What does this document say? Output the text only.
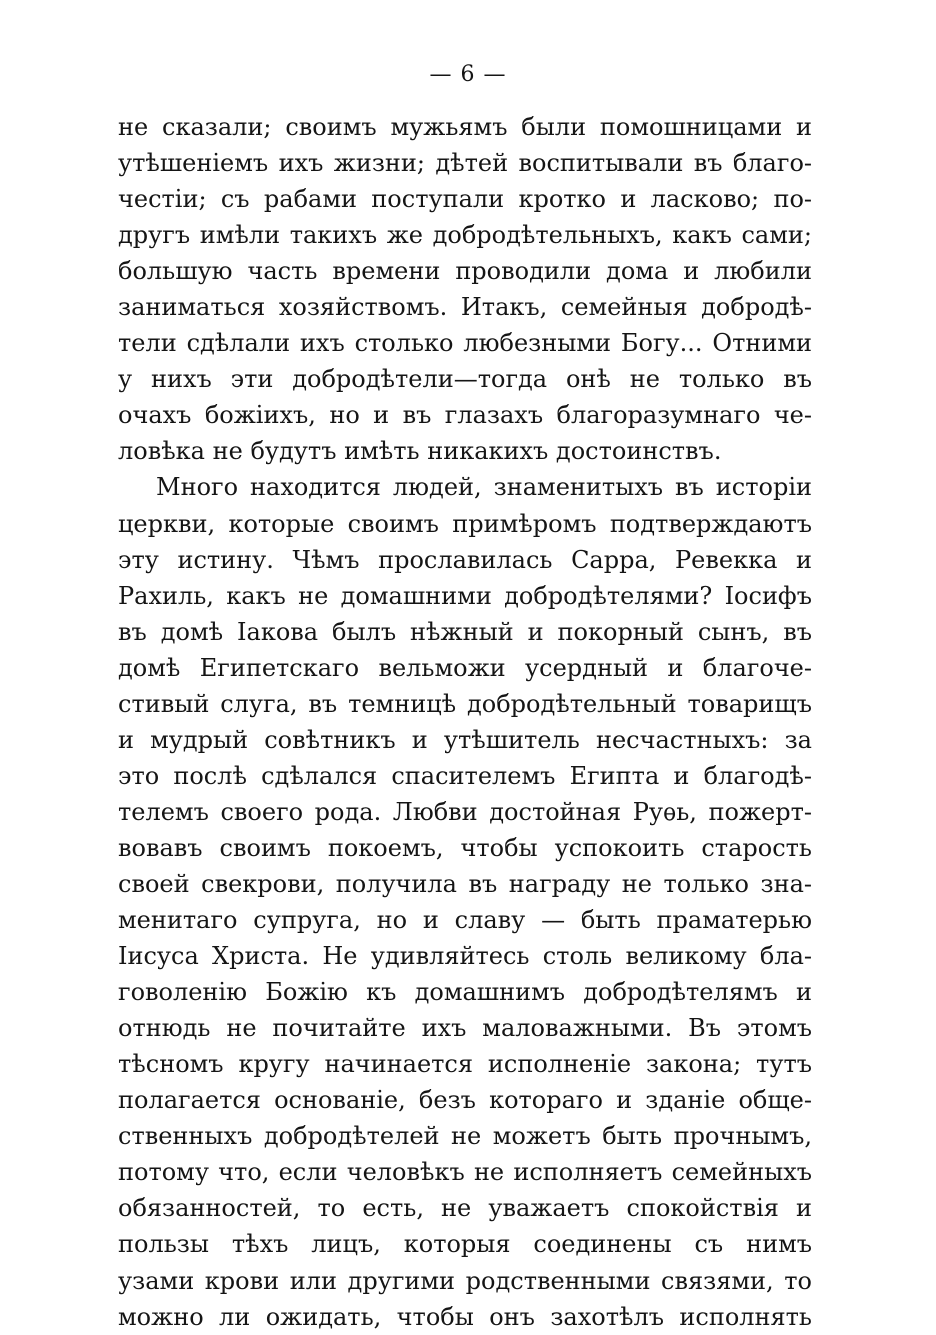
— 6 —
не сказали; своимъ мужьямъ были помошницами и
утѣшеніемъ ихъ жизни; дѣтей воспитывали въ благо-
честіи; съ рабами поступали кротко и ласково; по-
другъ имѣли такихъ же добродѣтельныхъ, какъ сами;
большую часть времени проводили дома и любили
заниматься хозяйствомъ. Итакъ, семейныя добродѣ-
тели сдѣлали ихъ столько любезными Богу... Отними
у нихъ эти добродѣтели—тогда онѣ не только въ
очахъ божіихъ, но и въ глазахъ благоразумнаго че-
ловѣка не будутъ имѣть никакихъ достоинствъ.
Много находится людей, знаменитыхъ въ исторіи
церкви, которые своимъ примѣромъ подтверждаютъ
эту истину. Чѣмъ прославилась Сарра, Ревекка и
Рахиль, какъ не домашними добродѣтелями? Іосифъ
въ домѣ Іакова былъ нѣжный и покорный сынъ, въ
домѣ Египетскаго вельможи усердный и благоче-
стивый слуга, въ темницѣ добродѣтельный товарищъ
и мудрый совѣтникъ и утѣшитель несчастныхъ: за
это послѣ сдѣлался спасителемъ Египта и благодѣ-
телемъ своего рода. Любви достойная Руѳь, пожерт-
вовавъ своимъ покоемъ, чтобы успокоить старость
своей свекрови, получила въ награду не только зна-
менитаго супруга, но и славу — быть праматерью
Іисуса Христа. Не удивляйтесь столь великому бла-
говоленію Божію къ домашнимъ добродѣтелямъ и
отнюдь не почитайте ихъ маловажными. Въ этомъ
тѣсномъ кругу начинается исполненіе закона; тутъ
полагается основаніе, безъ котораго и зданіе обще-
ственныхъ добродѣтелей не можетъ быть прочнымъ,
потому что, если человѣкъ не исполняетъ семейныхъ
обязанностей, то есть, не уважаетъ спокойствія и
пользы тѣхъ лицъ, которыя соединены съ нимъ
узами крови или другими родственными связями, то
можно ли ожидать, чтобы онъ захотѣлъ исполнять
